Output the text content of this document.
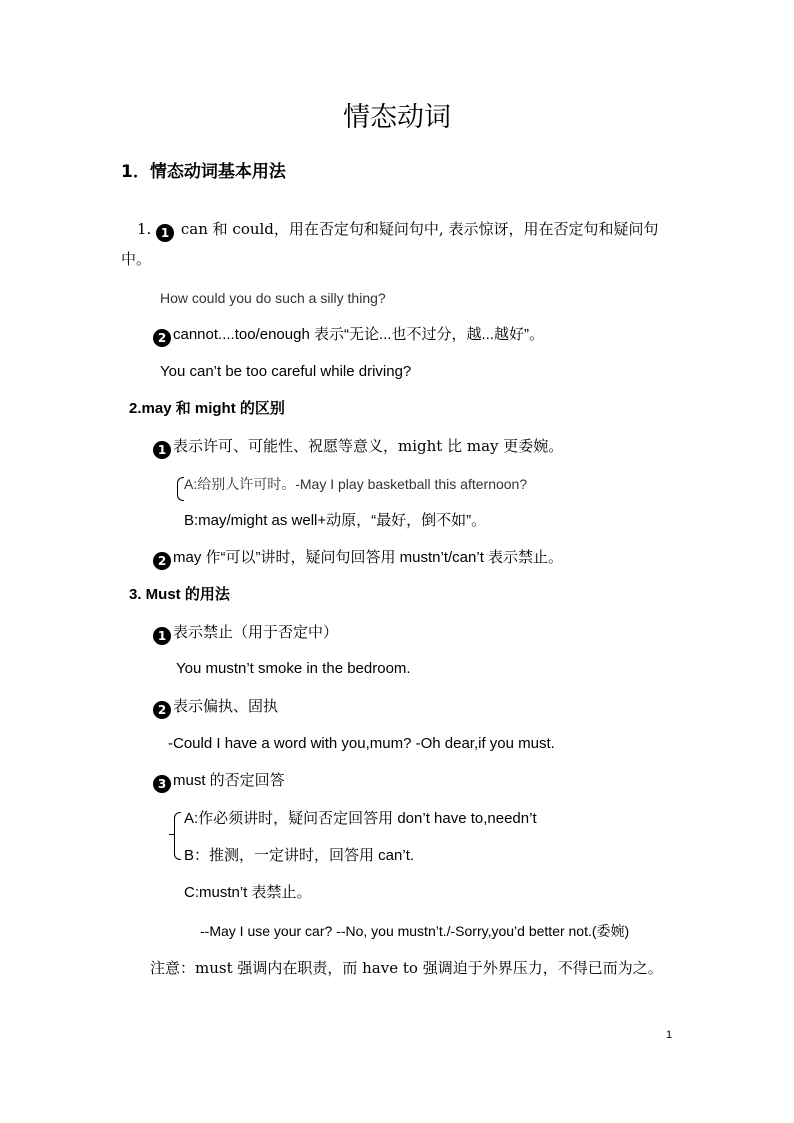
情态动词
1．情态动词基本用法
1. 1 can 和 could，用在否定句和疑问句中, 表示惊讶，用在否定句和疑问句
中。
How could you do such a silly thing?
2 cannot....too/enough 表示“无论...也不过分，越...越好”。
You can’t be too careful while driving?
2.may 和 might 的区别
1 表示许可、可能性、祝愿等意义，might 比 may 更委婉。
A:给别人许可时。-May I play basketball this afternoon?
B:may/might as well+动原，“最好，倒不如”。
2 may 作“可以”讲时，疑问句回答用 mustn’t/can’t 表示禁止。
3. Must 的用法
1 表示禁止（用于否定中）
You mustn’t smoke in the bedroom.
2 表示偏执、固执
-Could I have a word with you,mum? -Oh dear,if you must.
3 must 的否定回答
A:作必须讲时，疑问否定回答用 don’t have to,needn’t
B：推测，一定讲时，回答用 can’t.
C:mustn’t 表禁止。
--May I use your car? --No, you mustn’t./-Sorry,you’d better not.(委婉)
注意：must 强调内在职责，而 have to 强调迫于外界压力，不得已而为之。
1
